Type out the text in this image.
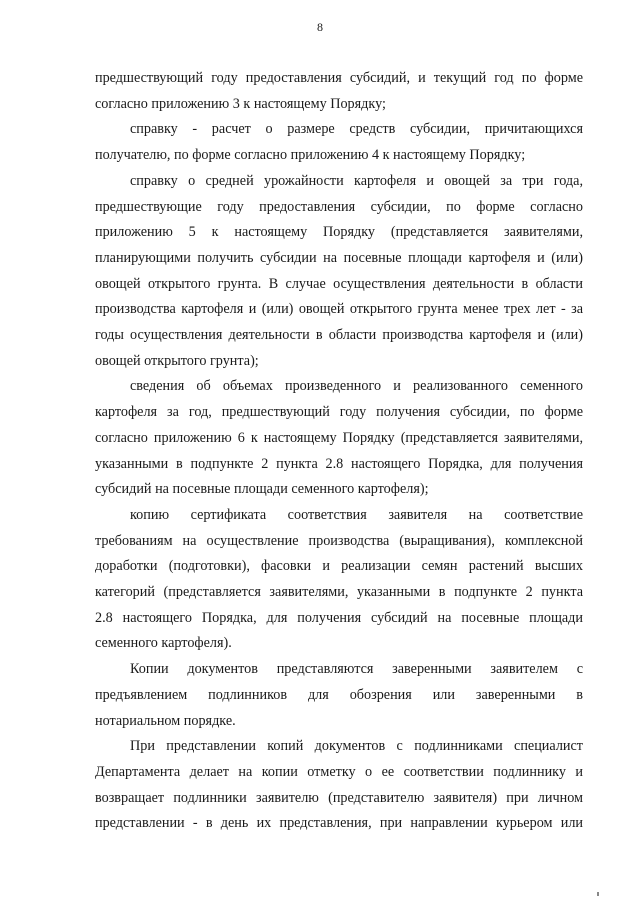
8

предшествующий году предоставления субсидий, и текущий год по форме
согласно приложению 3 к настоящему Порядку;

справку - расчет о размере средств субсидии, причитающихся
получателю, по форме согласно приложению 4 к настоящему Порядку;

справку о средней урожайности картофеля и овощей за три года,
предшествующие году предоставления субсидии, по форме согласно
приложению 5 к настоящему Порядку (представляется заявителями,
планирующими получить субсидии на посевные площади картофеля и (или)
овощей открытого грунта. В случае осуществления деятельности в области
производства картофеля и (или) овощей открытого грунта менее трех лет - за
годы осуществления деятельности в области производства картофеля и (или)
овощей открытого грунта);

сведения об объемах произведенного и реализованного семенного
картофеля за год, предшествующий году получения субсидии, по форме
согласно приложению 6 к настоящему Порядку (представляется заявителями,
указанными в подпункте 2 пункта 2.8 настоящего Порядка, для получения
субсидий на посевные площади семенного картофеля);

копию сертификата соответствия заявителя на соответствие
требованиям на осуществление производства (выращивания), комплексной
доработки (подготовки), фасовки и реализации семян растений высших
категорий (представляется заявителями, указанными в подпункте 2 пункта
2.8 настоящего Порядка, для получения субсидий на посевные площади
семенного картофеля).

Копии документов представляются заверенными заявителем с
предъявлением подлинников для обозрения или заверенными в
нотариальном порядке.

При представлении копий документов с подлинниками специалист
Департамента делает на копии отметку о ее соответствии подлиннику и
возвращает подлинники заявителю (представителю заявителя) при личном
представлении - в день их представления, при направлении курьером или
